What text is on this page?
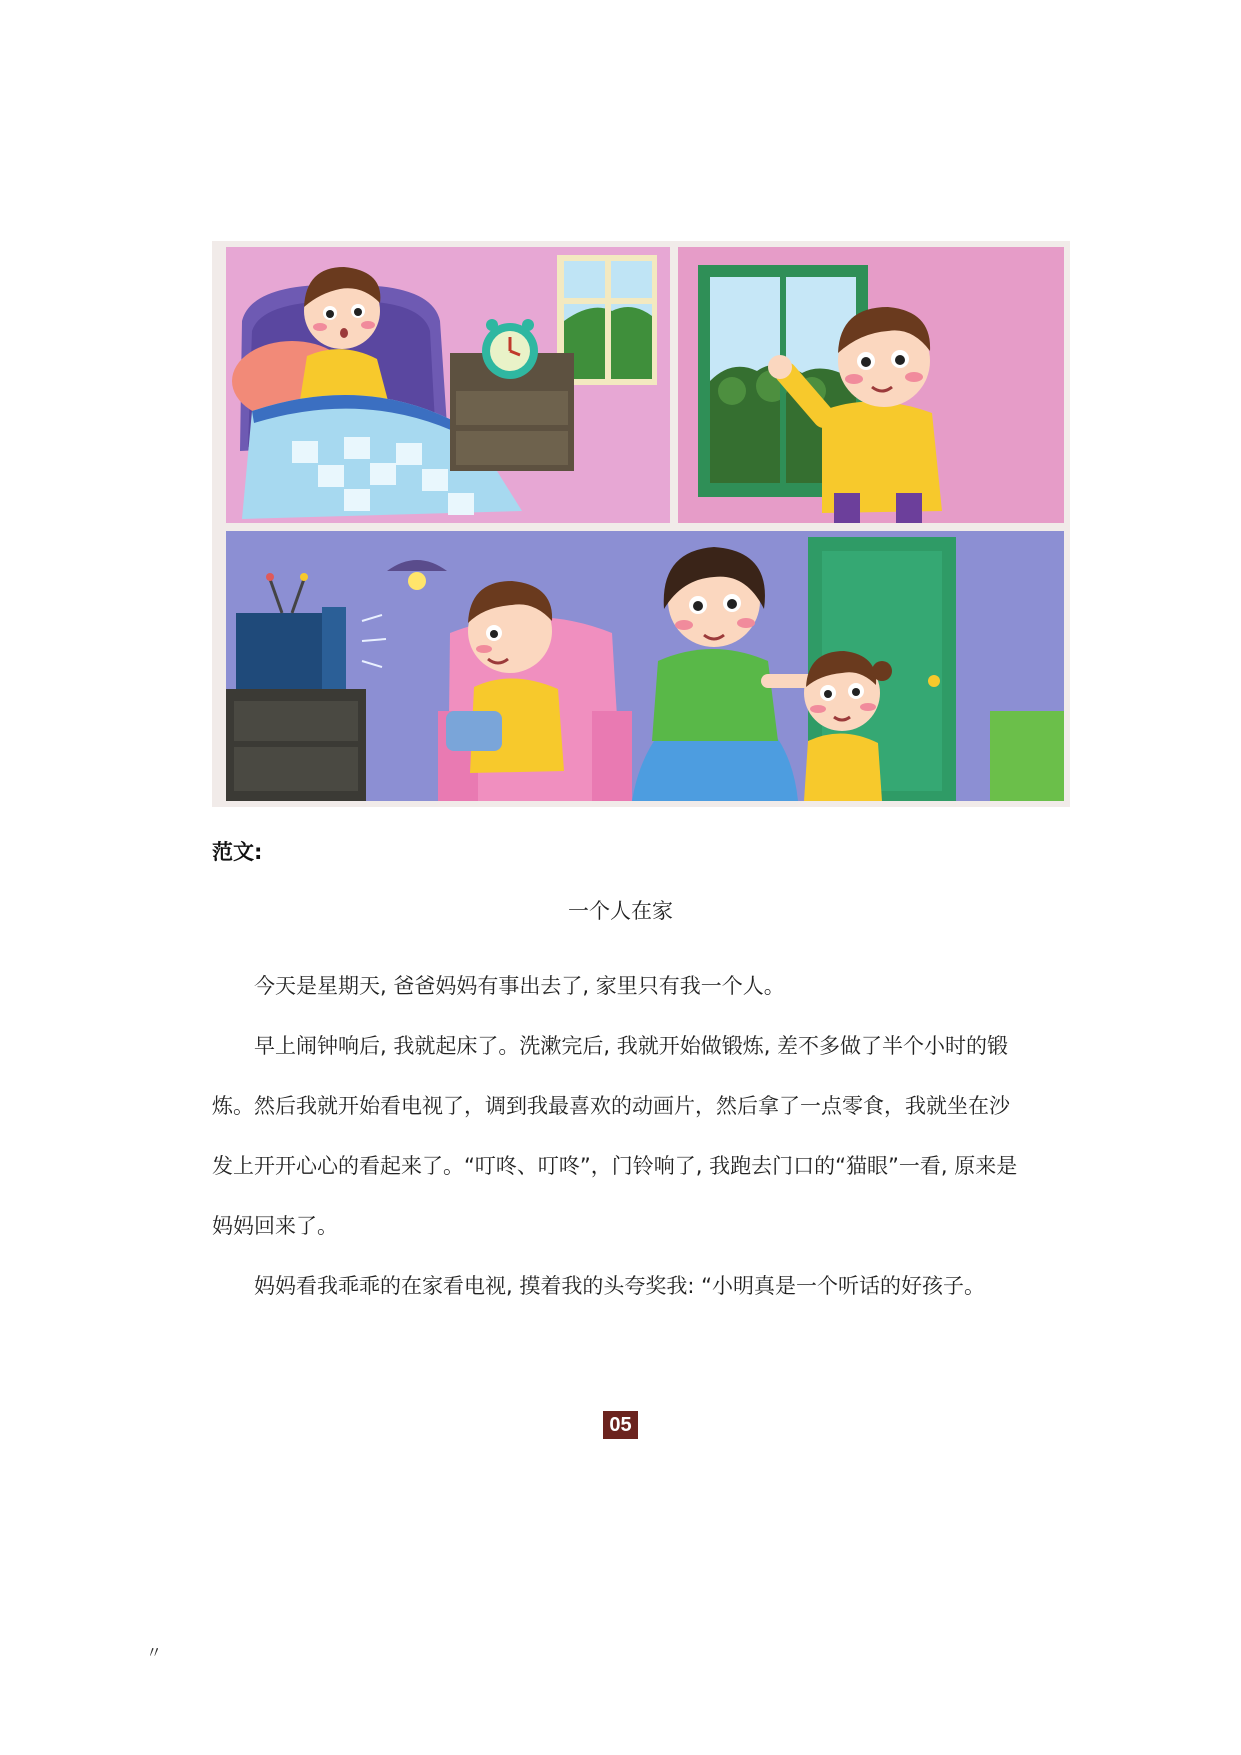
范文:
一个人在家

今天是星期天, 爸爸妈妈有事出去了, 家里只有我一个人。

早上闹钟响后, 我就起床了。洗漱完后, 我就开始做锻炼, 差不多做了半个小时的锻炼。然后我就开始看电视了，调到我最喜欢的动画片，然后拿了一点零食，我就坐在沙发上开开心心的看起来了。“叮咚、叮咚”，门铃响了, 我跑去门口的“猫眼”一看, 原来是妈妈回来了。

妈妈看我乖乖的在家看电视, 摸着我的头夸奖我: “小明真是一个听话的好孩子。

05
〃
